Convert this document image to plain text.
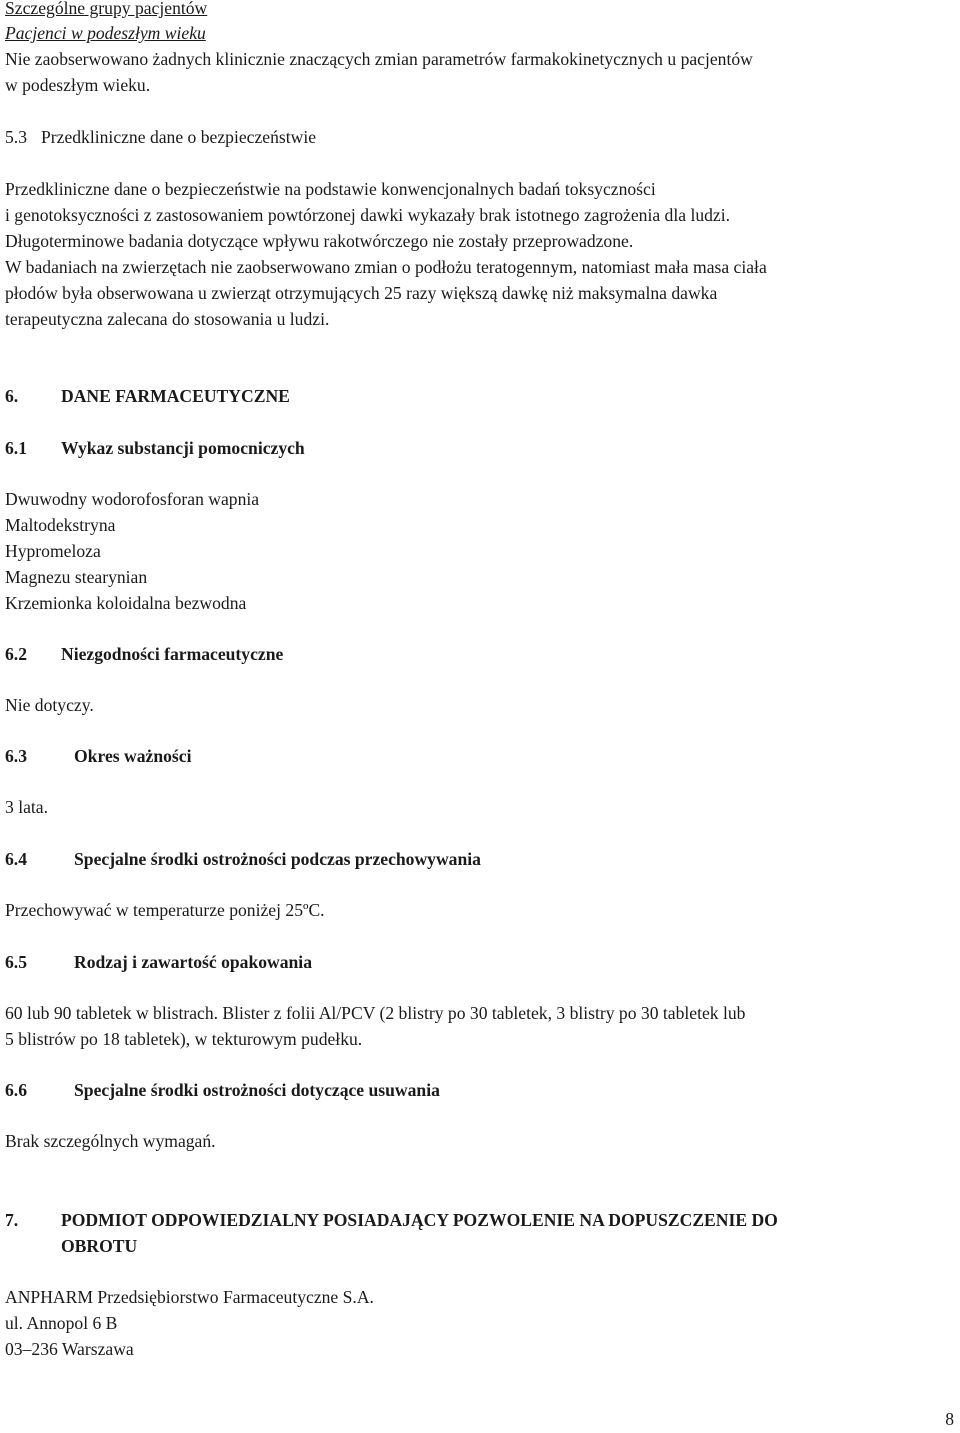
Szczególne grupy pacjentów

Pacjenci w podeszłym wieku

Nie zaobserwowano żadnych klinicznie znaczących zmian parametrów farmakokinetycznych u pacjentów

w podeszłym wieku.

5.3 Przedkliniczne dane o bezpieczeństwie

Przedkliniczne dane o bezpieczeństwie na podstawie konwencjonalnych badań toksyczności

i genotoksyczności z zastosowaniem powtórzonej dawki wykazały brak istotnego zagrożenia dla ludzi.

Długoterminowe badania dotyczące wpływu rakotwórczego nie zostały przeprowadzone.

W badaniach na zwierzętach nie zaobserwowano zmian o podłożu teratogennym, natomiast mała masa ciała

płodów była obserwowana u zwierząt otrzymujących 25 razy większą dawkę niż maksymalna dawka

terapeutyczna zalecana do stosowania u ludzi.

6.	DANE FARMACEUTYCZNE
6.1	Wykaz substancji pomocniczych

Dwuwodny wodorofosforan wapnia

Maltodekstryna

Hypromeloza

Magnezu stearynian

Krzemionka koloidalna bezwodna

6.2	Niezgodności farmaceutyczne

Nie dotyczy.

6.3	Okres ważności

3 lata.

6.4	Specjalne środki ostrożności podczas przechowywania

Przechowywać w temperaturze poniżej 25ºC.

6.5	Rodzaj i zawartość opakowania

60 lub 90 tabletek w blistrach. Blister z folii Al/PCV (2 blistry po 30 tabletek, 3 blistry po 30 tabletek lub

5 blistrów po 18 tabletek), w tekturowym pudełku.

6.6	Specjalne środki ostrożności dotyczące usuwania

Brak szczególnych wymagań.

7.	PODMIOT ODPOWIEDZIALNY POSIADAJĄCY POZWOLENIE NA DOPUSZCZENIE DO
OBROTU

ANPHARM Przedsiębiorstwo Farmaceutyczne S.A.

ul. Annopol 6 B

03–236 Warszawa

8
